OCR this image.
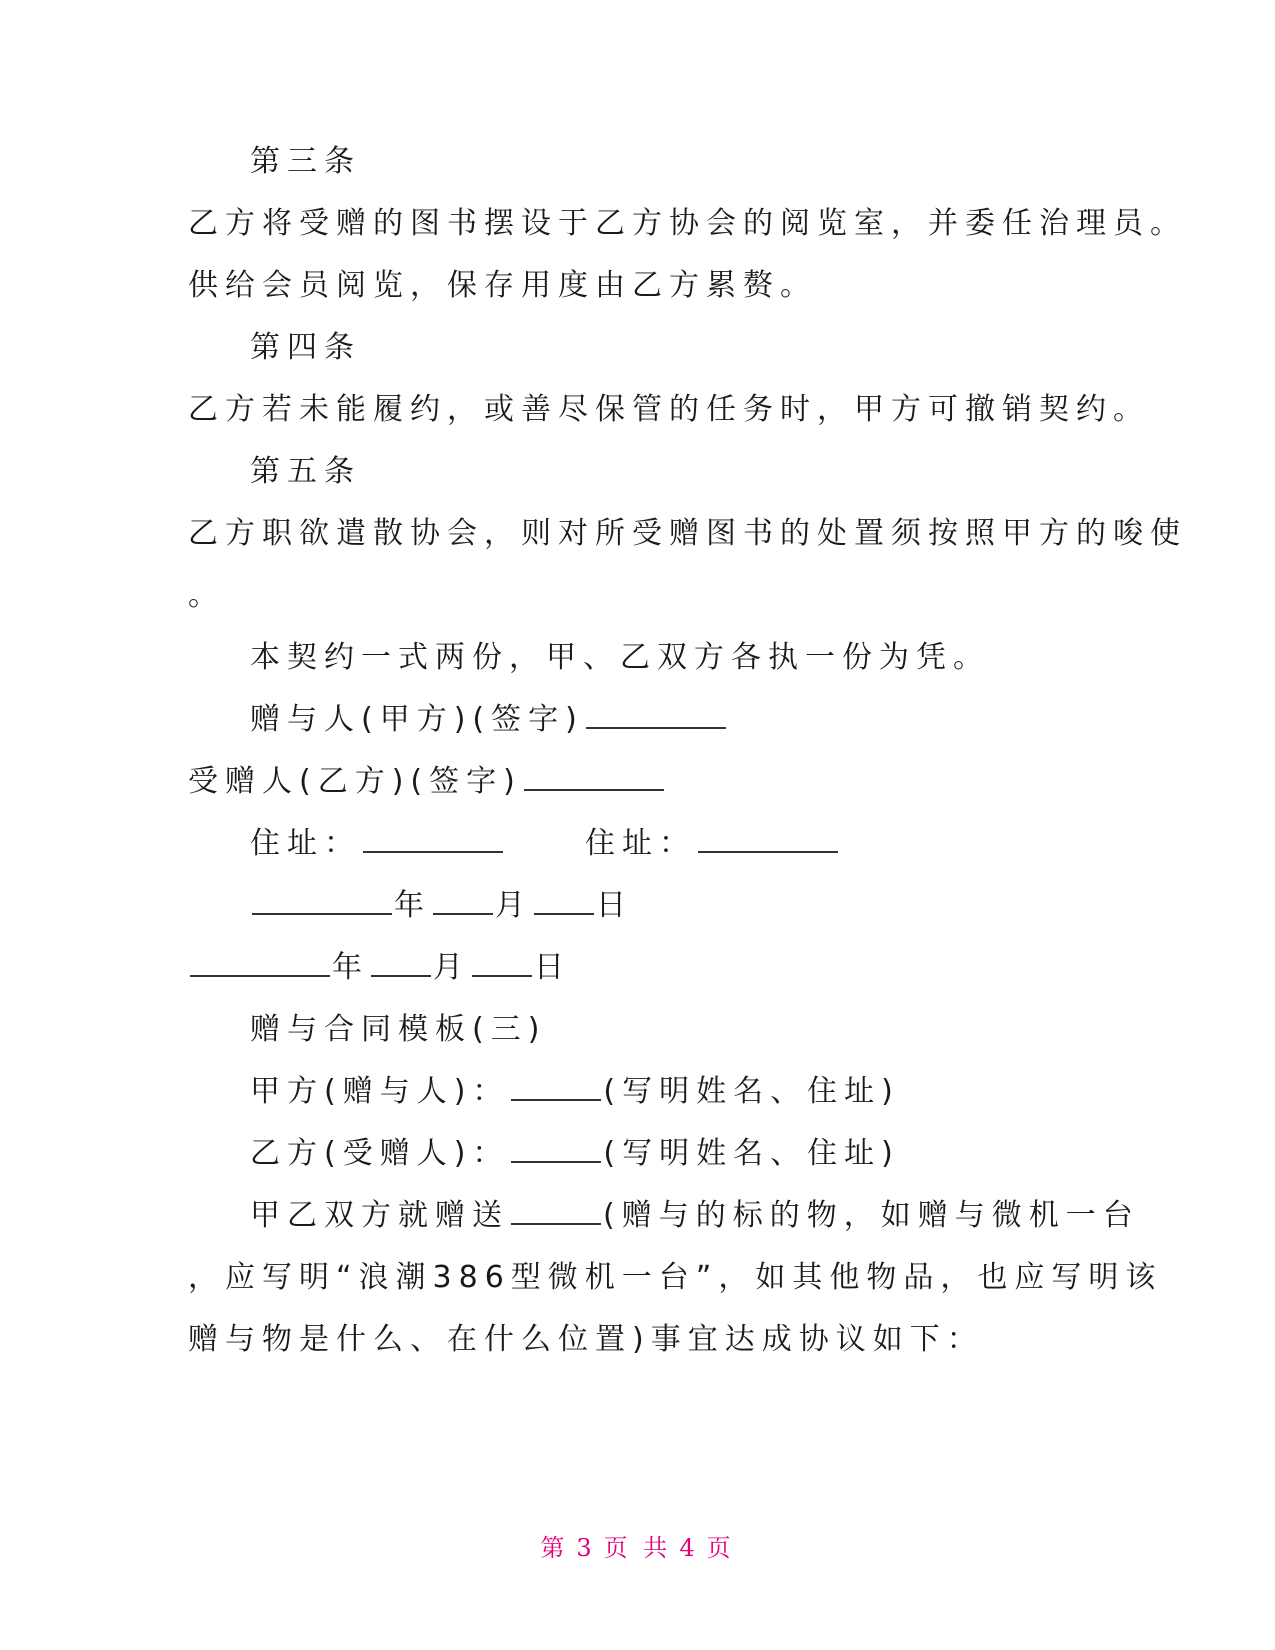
第三条
乙方将受赠的图书摆设于乙方协会的阅览室，并委任治理员。
供给会员阅览，保存用度由乙方累赘。
第四条
乙方若未能履约，或善尽保管的任务时，甲方可撤销契约。
第五条
乙方职欲遣散协会，则对所受赠图书的处置须按照甲方的唆使
。
本契约一式两份，甲、乙双方各执一份为凭。
赠与人(甲方)(签字)
受赠人(乙方)(签字)
住址：	住址：
年 月 日
年 月 日
赠与合同模板(三)
甲方(赠与人)：	(写明姓名、住址)
乙方(受赠人)：	(写明姓名、住址)
甲乙双方就赠送	(赠与的标的物，如赠与微机一台
，应写明“浪潮386型微机一台”，如其他物品，也应写明该
赠与物是什么、在什么位置)事宜达成协议如下：
第 3 页 共 4 页
